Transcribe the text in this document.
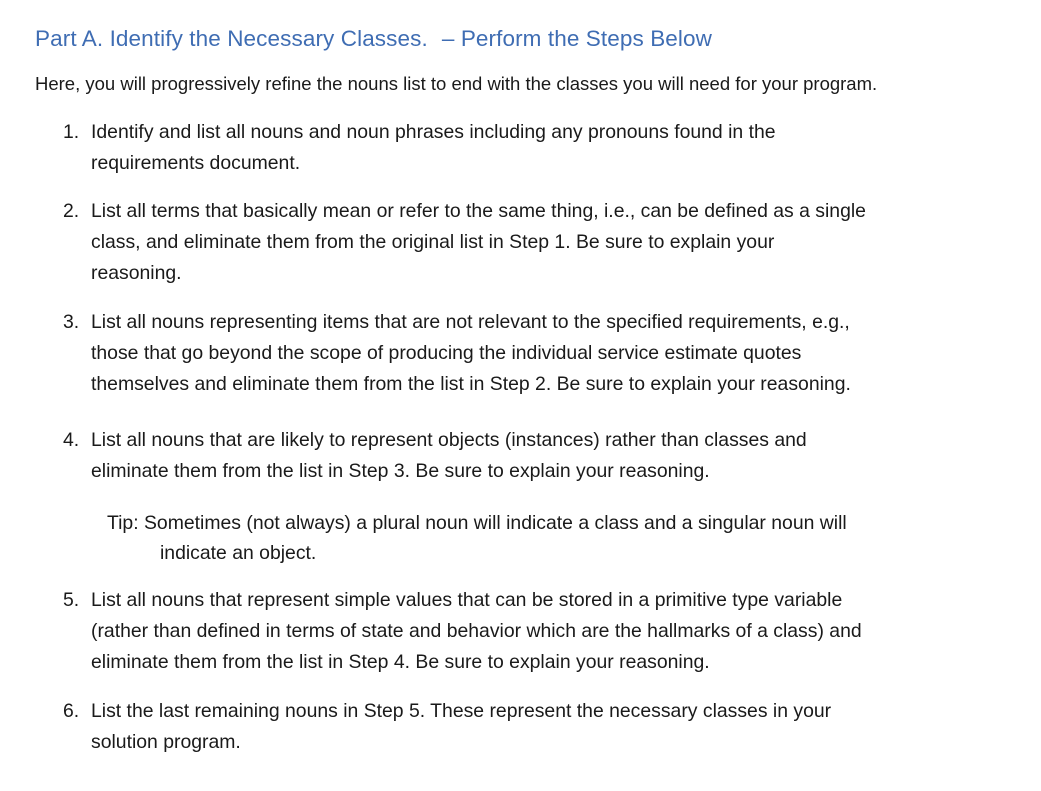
Part A. Identify the Necessary Classes. – Perform the Steps Below
Here, you will progressively refine the nouns list to end with the classes you will need for your program.
1. Identify and list all nouns and noun phrases including any pronouns found in the
requirements document.
2. List all terms that basically mean or refer to the same thing, i.e., can be defined as a single
class, and eliminate them from the original list in Step 1. Be sure to explain your
reasoning.
3. List all nouns representing items that are not relevant to the specified requirements, e.g.,
those that go beyond the scope of producing the individual service estimate quotes
themselves and eliminate them from the list in Step 2. Be sure to explain your reasoning.
4. List all nouns that are likely to represent objects (instances) rather than classes and
eliminate them from the list in Step 3. Be sure to explain your reasoning.
Tip: Sometimes (not always) a plural noun will indicate a class and a singular noun will
indicate an object.
5. List all nouns that represent simple values that can be stored in a primitive type variable
(rather than defined in terms of state and behavior which are the hallmarks of a class) and
eliminate them from the list in Step 4. Be sure to explain your reasoning.
6. List the last remaining nouns in Step 5. These represent the necessary classes in your
solution program.
